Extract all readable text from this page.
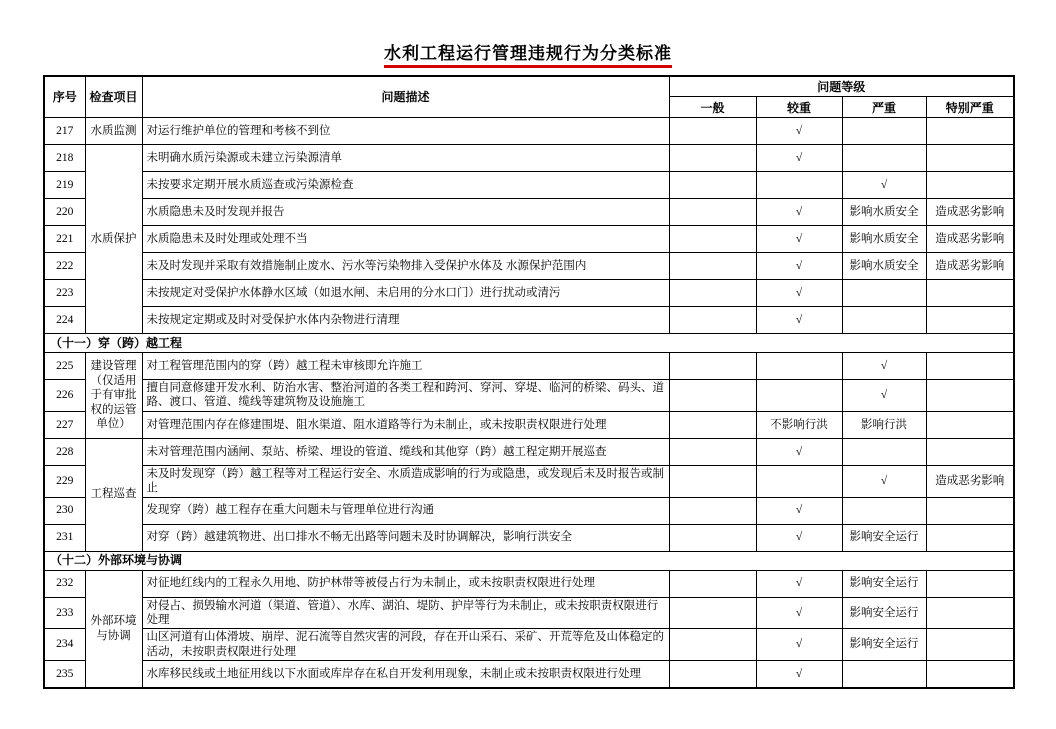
水利工程运行管理违规行为分类标准
序号	检查项目	问题描述	问题等级			
			一般	较重	严重	特别严重
217	水质监测	对运行维护单位的管理和考核不到位		√		
218	水质保护	未明确水质污染源或未建立污染源清单		√		
219		未按要求定期开展水质巡查或污染源检查			√	
220		水质隐患未及时发现并报告		√	影响水质安全	造成恶劣影响
221		水质隐患未及时处理或处理不当		√	影响水质安全	造成恶劣影响
222		未及时发现并采取有效措施制止废水、污水等污染物排入受保护水体及 水源保护范围内		√	影响水质安全	造成恶劣影响
223		未按规定对受保护水体静水区域（如退水闸、未启用的分水口门）进行扰动或清污		√		
224		未按规定定期或及时对受保护水体内杂物进行清理		√		
（十一）穿（跨）越工程						
225	建设管理（仅适用于有审批权的运管单位）	对工程管理范围内的穿（跨）越工程未审核即允许施工			√	
226		擅自同意修建开发水利、防治水害、整治河道的各类工程和跨河、穿河、穿堤、临河的桥梁、码头、道路、渡口、管道、缆线等建筑物及设施施工			√	
227		对管理范围内存在修建围堤、阻水渠道、阻水道路等行为未制止，或未按职责权限进行处理		不影响行洪	影响行洪	
228	工程巡查	未对管理范围内涵闸、泵站、桥梁、埋设的管道、缆线和其他穿（跨）越工程定期开展巡查		√		
229		未及时发现穿（跨）越工程等对工程运行安全、水质造成影响的行为或隐患，或发现后未及时报告或制止			√	造成恶劣影响
230		发现穿（跨）越工程存在重大问题未与管理单位进行沟通		√		
231		对穿（跨）越建筑物进、出口排水不畅无出路等问题未及时协调解决，影响行洪安全		√	影响安全运行	
（十二）外部环境与协调						
232	外部环境与协调	对征地红线内的工程永久用地、防护林带等被侵占行为未制止，或未按职责权限进行处理		√	影响安全运行	
233		对侵占、损毁输水河道（渠道、管道）、水库、湖泊、堤防、护岸等行为未制止，或未按职责权限进行处理		√	影响安全运行	
234		山区河道有山体滑坡、崩岸、泥石流等自然灾害的河段，存在开山采石、采矿、开荒等危及山体稳定的活动，未按职责权限进行处理		√	影响安全运行	
235		水库移民线或土地征用线以下水面或库岸存在私自开发利用现象，未制止或未按职责权限进行处理		√		
